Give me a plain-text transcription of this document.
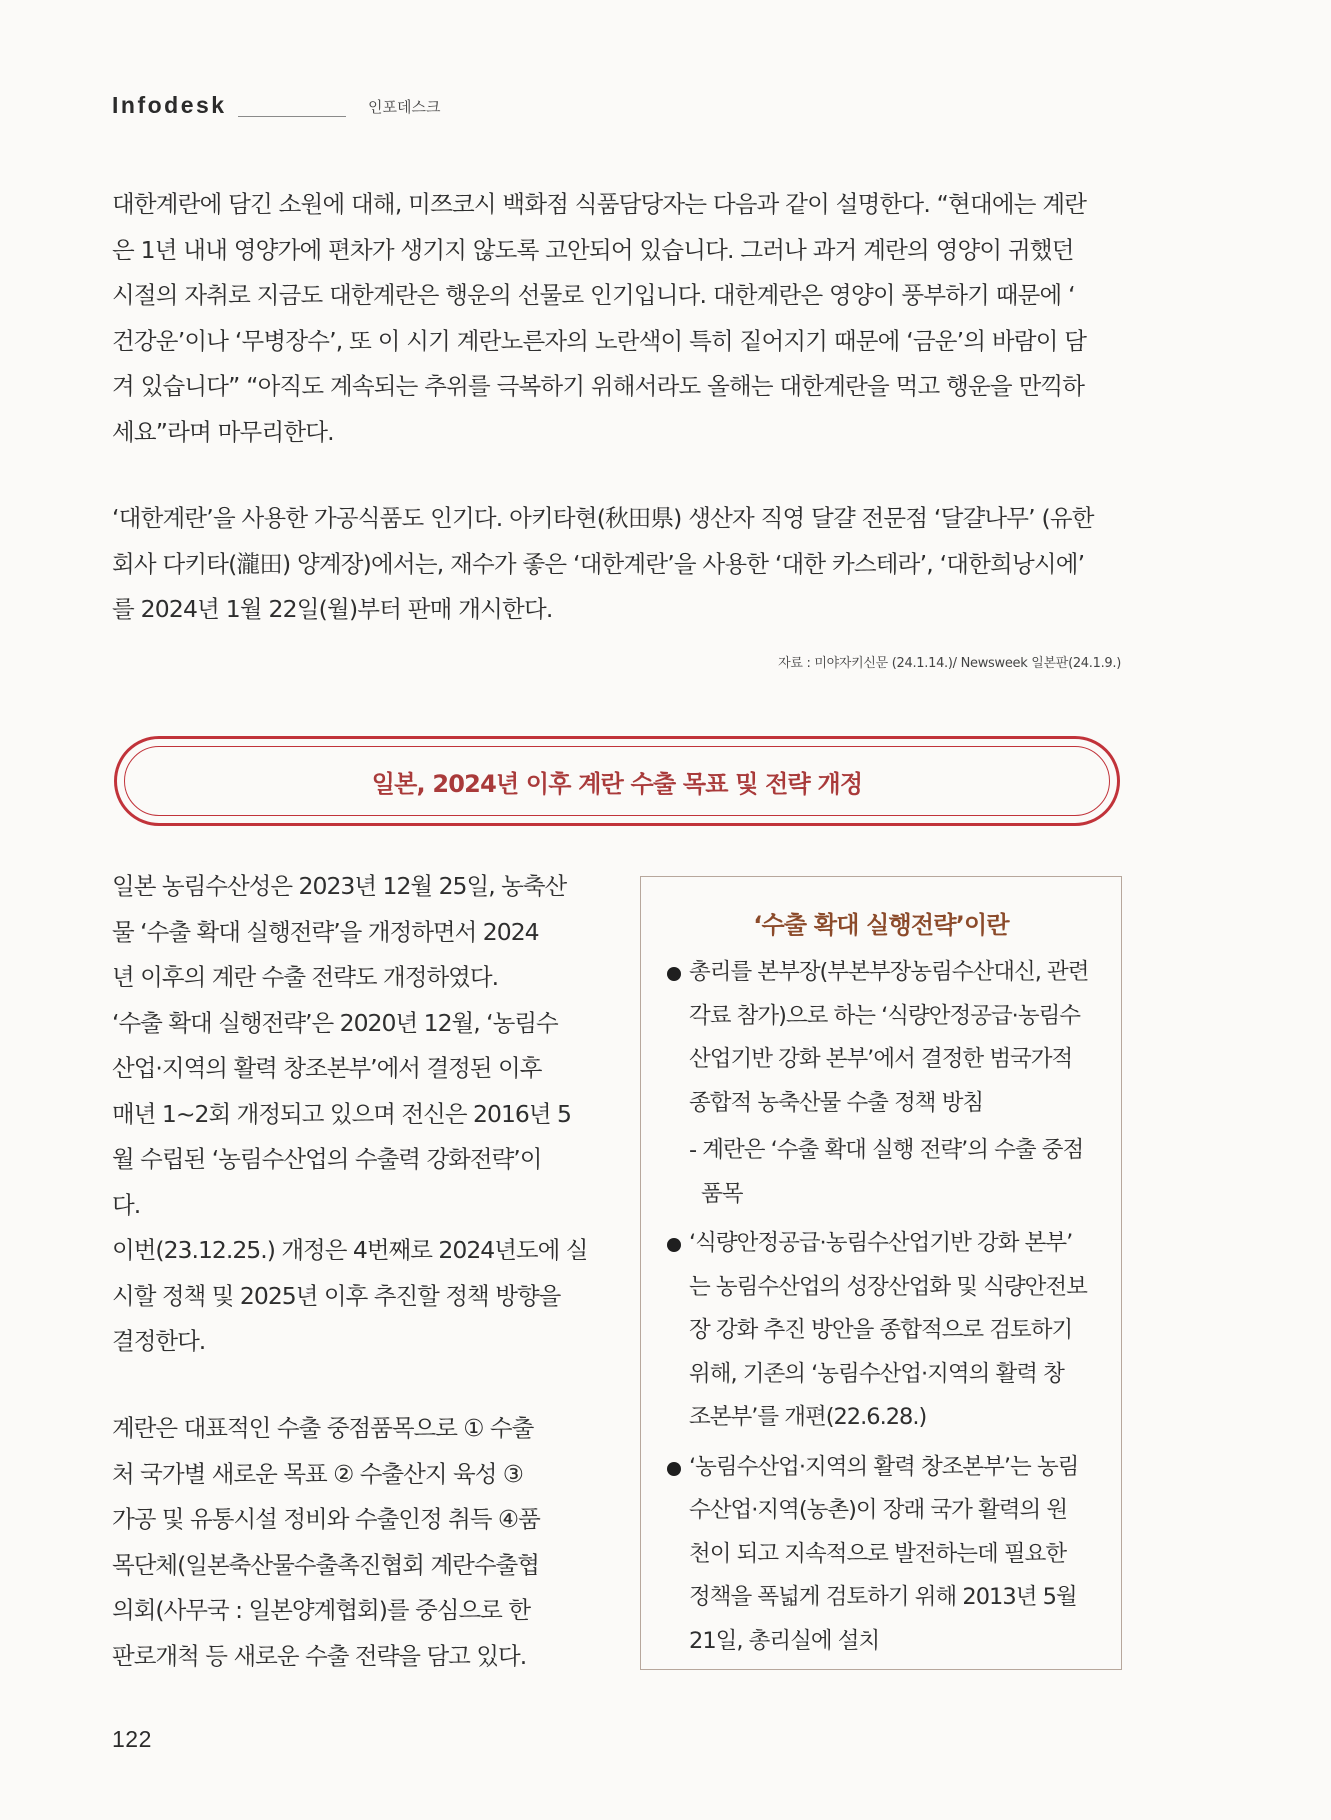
Infodesk	인포데스크
대한계란에 담긴 소원에 대해, 미쯔코시 백화점 식품담당자는 다음과 같이 설명한다. “현대에는 계란
은 1년 내내 영양가에 편차가 생기지 않도록 고안되어 있습니다. 그러나 과거 계란의 영양이 귀했던
시절의 자취로 지금도 대한계란은 행운의 선물로 인기입니다. 대한계란은 영양이 풍부하기 때문에 ‘
건강운’이나 ‘무병장수’, 또 이 시기 계란노른자의 노란색이 특히 짙어지기 때문에 ‘금운’의 바람이 담
겨 있습니다” “아직도 계속되는 추위를 극복하기 위해서라도 올해는 대한계란을 먹고 행운을 만끽하
세요”라며 마무리한다.
‘대한계란’을 사용한 가공식품도 인기다. 아키타현(秋田県) 생산자 직영 달걀 전문점 ‘달걀나무’ (유한
회사 다키타(瀧田) 양계장)에서는, 재수가 좋은 ‘대한계란’을 사용한 ‘대한 카스테라’, ‘대한희낭시에’
를 2024년 1월 22일(월)부터 판매 개시한다.
자료 : 미야자키신문 (24.1.14.)/ Newsweek 일본판(24.1.9.)
일본, 2024년 이후 계란 수출 목표 및 전략 개정
일본 농림수산성은 2023년 12월 25일, 농축산
물 ‘수출 확대 실행전략’을 개정하면서 2024
년 이후의 계란 수출 전략도 개정하였다.
‘수출 확대 실행전략’은 2020년 12월, ‘농림수
산업·지역의 활력 창조본부’에서 결정된 이후
매년 1~2회 개정되고 있으며 전신은 2016년 5
월 수립된 ‘농림수산업의 수출력 강화전략’이
다.
이번(23.12.25.) 개정은 4번째로 2024년도에 실
시할 정책 및 2025년 이후 추진할 정책 방향을
결정한다.
계란은 대표적인 수출 중점품목으로 ① 수출
처 국가별 새로운 목표 ② 수출산지 육성 ③
가공 및 유통시설 정비와 수출인정 취득 ④품
목단체(일본축산물수출촉진협회 계란수출협
의회(사무국 : 일본양계협회)를 중심으로 한
판로개척 등 새로운 수출 전략을 담고 있다.
‘수출 확대 실행전략’이란
총리를 본부장(부본부장농림수산대신, 관련
각료 참가)으로 하는 ‘식량안정공급·농림수
산업기반 강화 본부’에서 결정한 범국가적
종합적 농축산물 수출 정책 방침
- 계란은 ‘수출 확대 실행 전략’의 수출 중점
품목
‘식량안정공급·농림수산업기반 강화 본부’
는 농림수산업의 성장산업화 및 식량안전보
장 강화 추진 방안을 종합적으로 검토하기
위해, 기존의 ‘농림수산업·지역의 활력 창
조본부’를 개편(22.6.28.)
‘농림수산업·지역의 활력 창조본부’는 농림
수산업·지역(농촌)이 장래 국가 활력의 원
천이 되고 지속적으로 발전하는데 필요한
정책을 폭넓게 검토하기 위해 2013년 5월
21일, 총리실에 설치
122
